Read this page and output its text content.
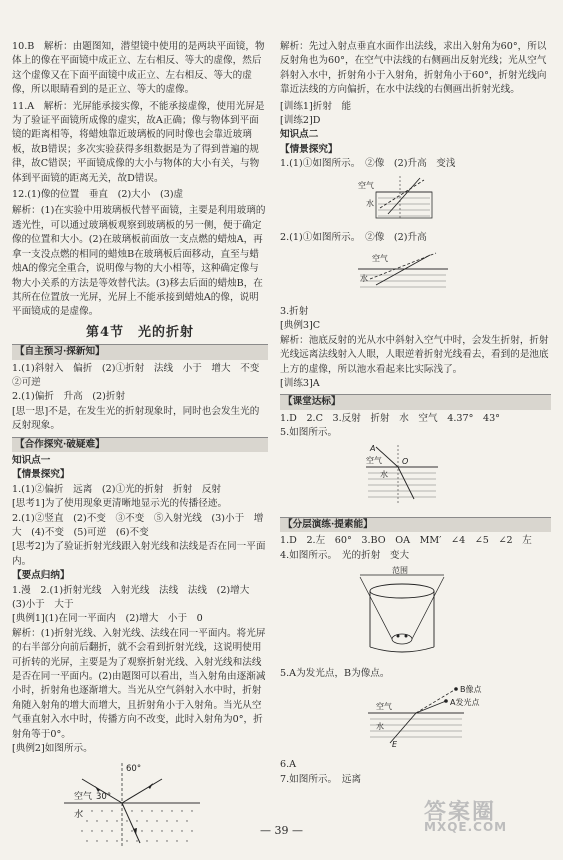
10.B　解析：由题图知，潜望镜中使用的是两块平面镜，物体上的像在平面镜中成正立、左右相反、等大的虚像，然后这个虚像又在下面平面镜中成正立、左右相反、等大的虚像，所以眼睛看到的是正立、等大的虚像。

11.A　解析：光屏能承接实像，不能承接虚像，使用光屏是为了验证平面镜所成像的虚实，故A正确；像与物体到平面镜的距离相等，将蜡烛靠近玻璃板的同时像也会靠近玻璃板，故B错误；多次实验获得多组数据是为了得到普遍的规律，故C错误；平面镜成像的大小与物体的大小有关，与物体到平面镜的距离无关，故D错误。

12.(1)像的位置　垂直　(2)大小　(3)虚

解析：(1)在实验中用玻璃板代替平面镜，主要是利用玻璃的透光性，可以通过玻璃板观察到玻璃板的另一侧，便于确定像的位置和大小。(2)在玻璃板前面放一支点燃的蜡烛A，再拿一支没点燃的相同的蜡烛B在玻璃板后面移动，直至与蜡烛A的像完全重合，说明像与物的大小相等，这种确定像与物大小关系的方法是等效替代法。(3)移去后面的蜡烛B，在其所在位置放一光屏，光屏上不能承接到蜡烛A的像，说明平面镜成的是虚像。

第4节　光的折射
【自主预习·探新知】

1.(1)斜射入　偏折　(2)①折射　法线　小于　增大　不变　②可逆

2.(1)偏折　升高　(2)折射

[思一思]不是，在发生光的折射现象时，同时也会发生光的反射现象。

【合作探究·破疑难】

知识点一

【情景探究】

1.(1)②偏折　远离　(2)①光的折射　折射　反射

[思考1]为了使用现象更清晰地显示光的传播径迹。

2.(1)②竖直　(2)不变　③不变　⑤入射光线　(3)小于　增大　(4)不变　(5)可逆　(6)不变

[思考2]为了验证折射光线跟入射光线和法线是否在同一平面内。

【要点归纳】

1.漫　2.(1)折射光线　入射光线　法线　法线　(2)增大　(3)小于　大于

[典例1](1)在同一平面内　(2)增大　小于　0

解析：(1)折射光线、入射光线、法线在同一平面内。将光屏的右半部分向前后翻折，就不会看到折射光线，这说明使用可折转的光屏，主要是为了观察折射光线、入射光线和法线是否在同一平面内。(2)由题图可以看出，当入射角由逐渐减小时，折射角也逐渐增大。当光从空气斜射入水中时，折射角随入射角的增大而增大，且折射角小于入射角。当光从空气垂直射入水中时，传播方向不改变，此时入射角为0°，折射角等于0°。

[典例2]如图所示。

空气
水
30°
60°

解析：先过入射点垂直水面作出法线，求出入射角为60°，所以反射角也为60°，在空气中法线的右侧画出反射光线；光从空气斜射入水中，折射角小于入射角，折射角小于60°，折射光线向靠近法线的方向偏折，在水中法线的右侧画出折射光线。

[训练1]折射　能

[训练2]D

知识点二

【情景探究】

1.(1)①如图所示。　②像　(2)升高　变浅

空气
水

2.(1)①如图所示。　②像　(2)升高

空气
水

3.折射

[典例3]C

解析：池底反射的光从水中斜射入空气中时，会发生折射，折射光线远离法线射入人眼，人眼逆着折射光线看去，看到的是池底上方的虚像，所以池水看起来比实际浅了。

[训练3]A

【课堂达标】

1.D　2.C　3.反射　折射　水　空气　4.37°　43°

5.如图所示。

A
O
空气
水
【分层演练·提素能】

1.D　2.左　60°　3.BO　OA　MM′　∠4　∠5　∠2　左

4.如图所示。　光的折射　变大

范围

5.A为发光点，B为像点。

B像点
A发光点
空气
水
E

6.A

7.如图所示。　远离

— 39 —
答案圈
MXQE.COM
